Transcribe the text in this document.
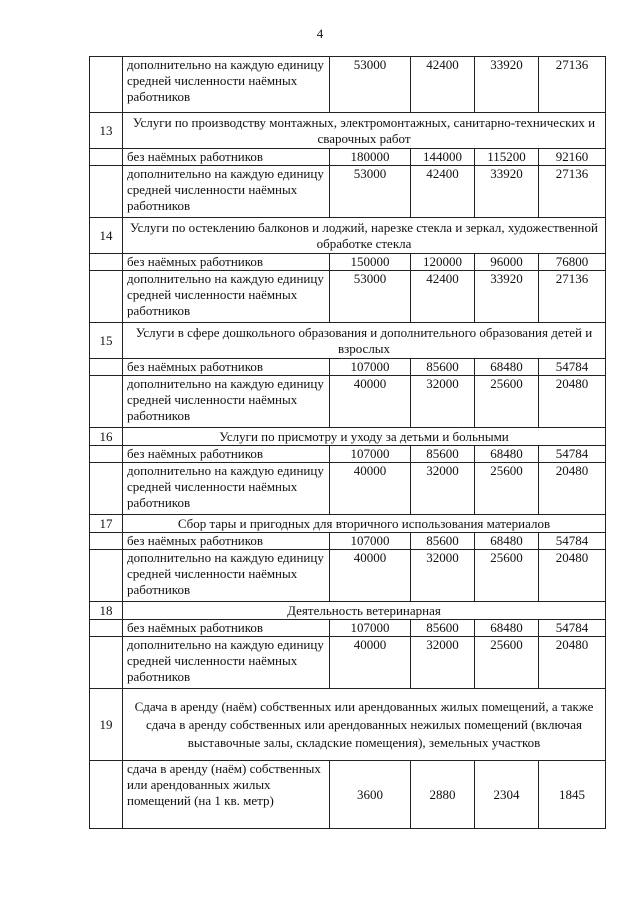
4
	дополнительно на каждую единицу средней численности наёмных работников	53000	42400	33920	27136
13	Услуги по производству монтажных, электромонтажных, санитарно-технических и сварочных работ				
	без наёмных работников	180000	144000	115200	92160
	дополнительно на каждую единицу средней численности наёмных работников	53000	42400	33920	27136
14	Услуги по остеклению балконов и лоджий, нарезке стекла и зеркал, художественной обработке стекла				
	без наёмных работников	150000	120000	96000	76800
	дополнительно на каждую единицу средней численности наёмных работников	53000	42400	33920	27136
15	Услуги в сфере дошкольного образования и дополнительного образования детей и взрослых				
	без наёмных работников	107000	85600	68480	54784
	дополнительно на каждую единицу средней численности наёмных работников	40000	32000	25600	20480
16	Услуги по присмотру и уходу за детьми и больными				
	без наёмных работников	107000	85600	68480	54784
	дополнительно на каждую единицу средней численности наёмных работников	40000	32000	25600	20480
17	Сбор тары и пригодных для вторичного использования материалов				
	без наёмных работников	107000	85600	68480	54784
	дополнительно на каждую единицу средней численности наёмных работников	40000	32000	25600	20480
18	Деятельность ветеринарная				
	без наёмных работников	107000	85600	68480	54784
	дополнительно на каждую единицу средней численности наёмных работников	40000	32000	25600	20480
19	Сдача в аренду (наём) собственных или арендованных жилых помещений, а также сдача в аренду собственных или арендованных нежилых помещений (включая выставочные залы, складские помещения), земельных участков				
	сдача в аренду (наём) собственных или арендованных жилых помещений (на 1 кв. метр)	3600	2880	2304	1845
